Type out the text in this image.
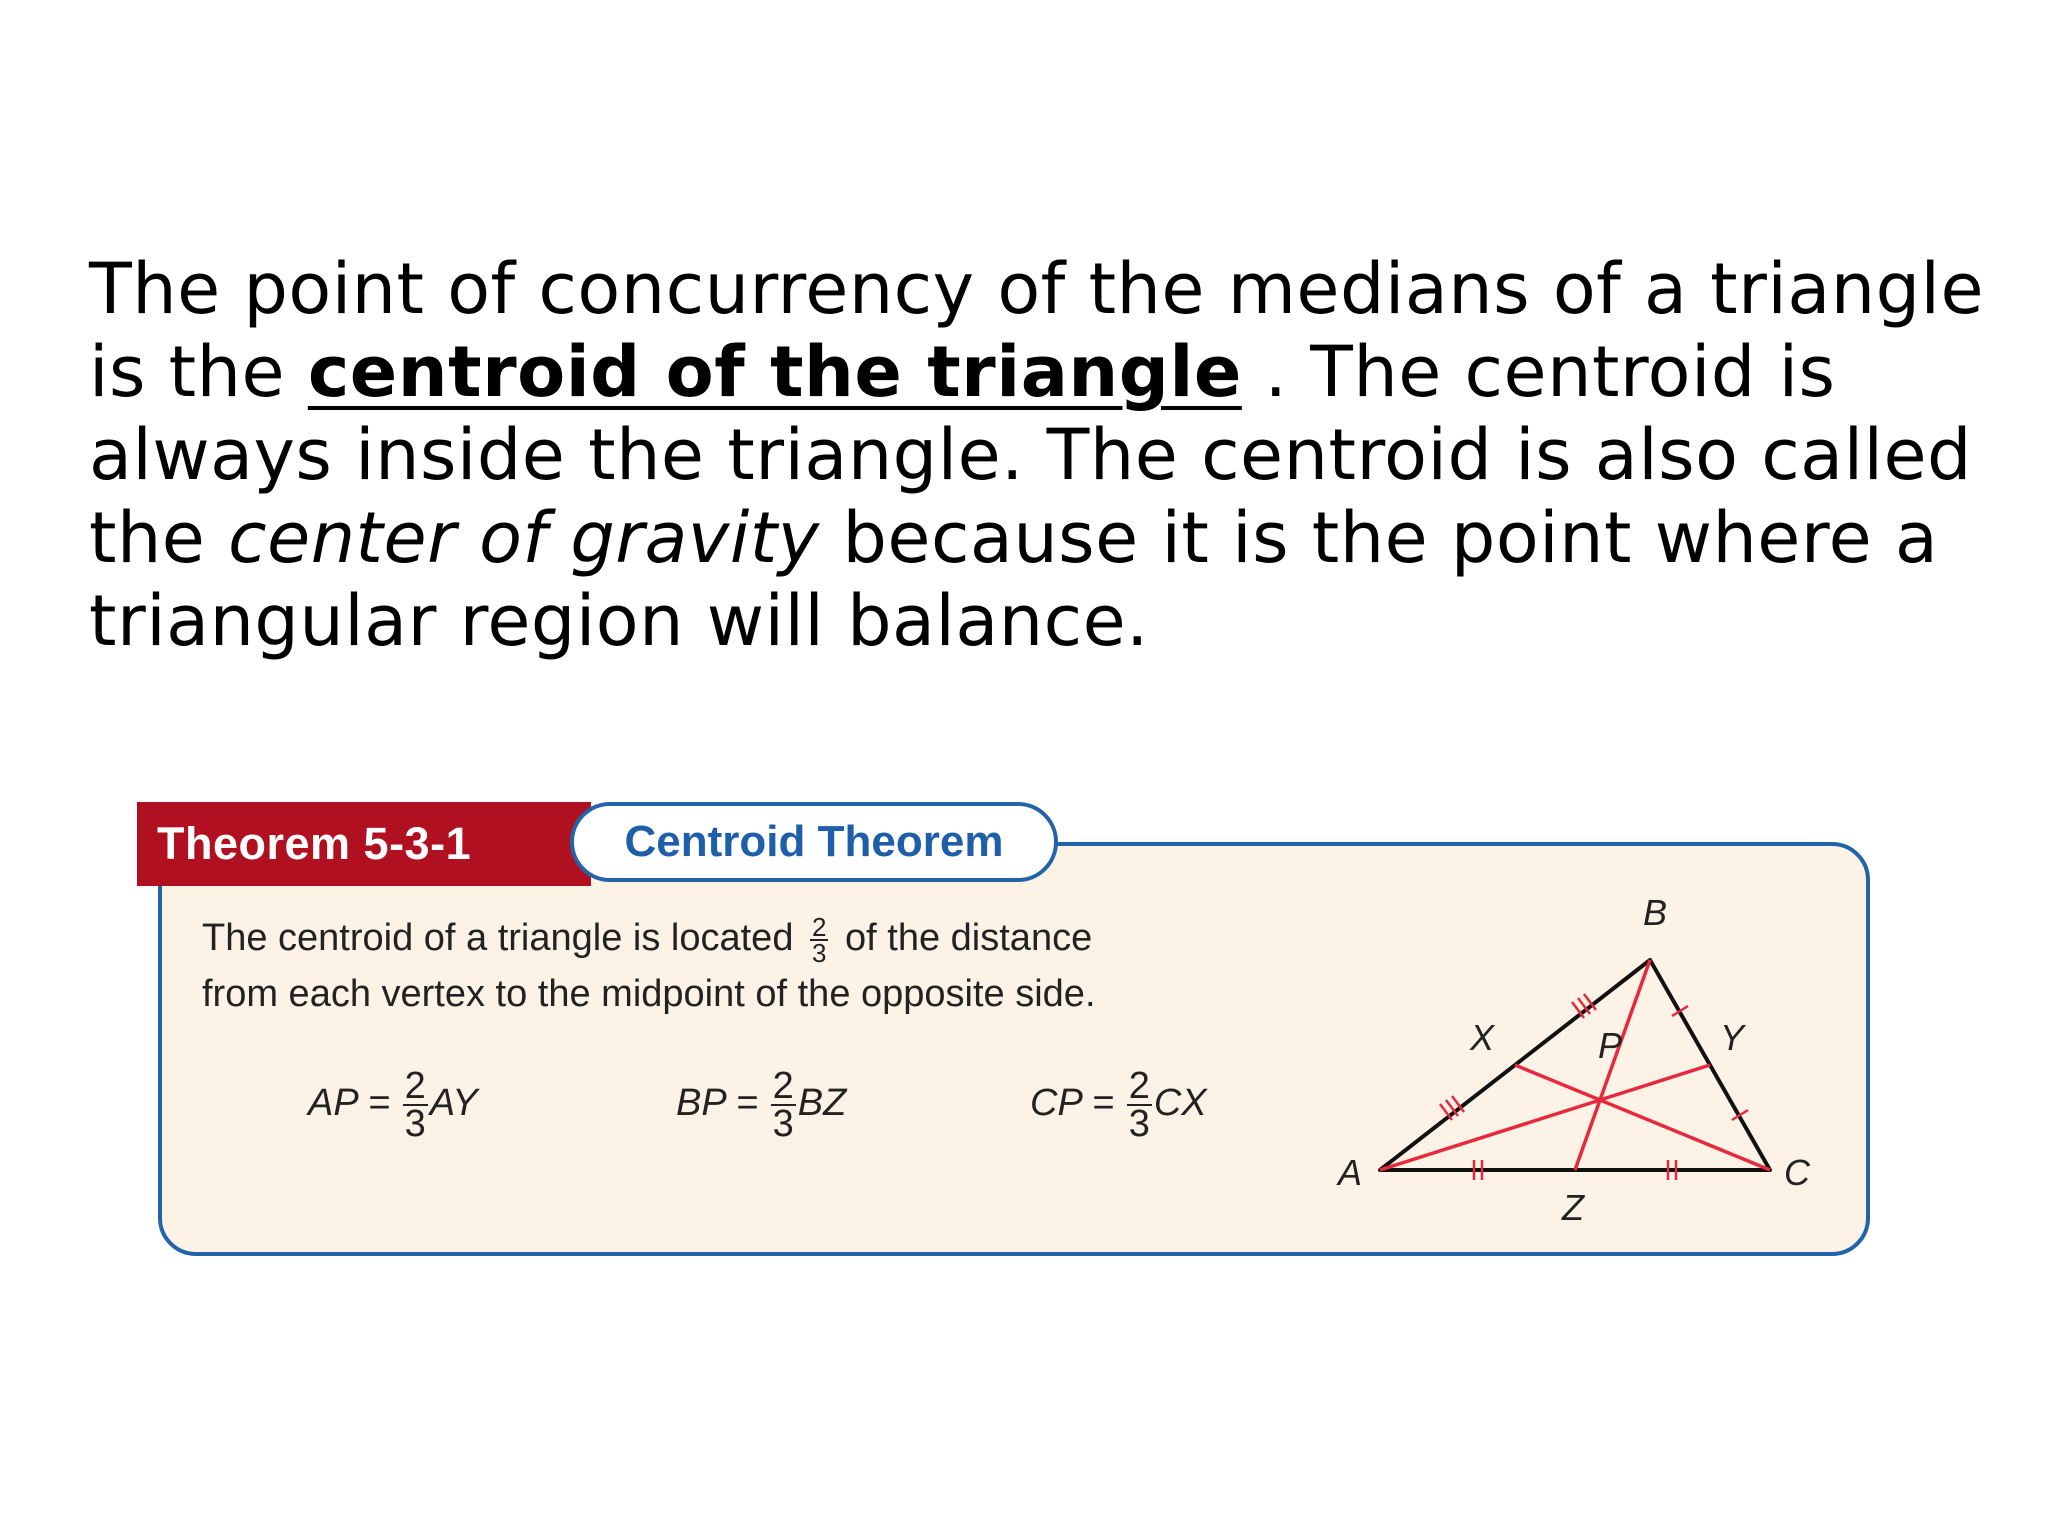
The point of concurrency of the medians of a triangle is the centroid of the triangle . The centroid is always inside the triangle. The centroid is also called the center of gravity because it is the point where a triangular region will balance.

Theorem 5-3-1	Centroid Theorem

The centroid of a triangle is located $\frac{2}{3}$ of the distance
from each vertex to the midpoint of the opposite side.

AP = $\frac{2}{3}$ AY	BP = $\frac{2}{3}$ BZ	CP = $\frac{2}{3}$ CX
B
A	C
X	Y
Z
P
